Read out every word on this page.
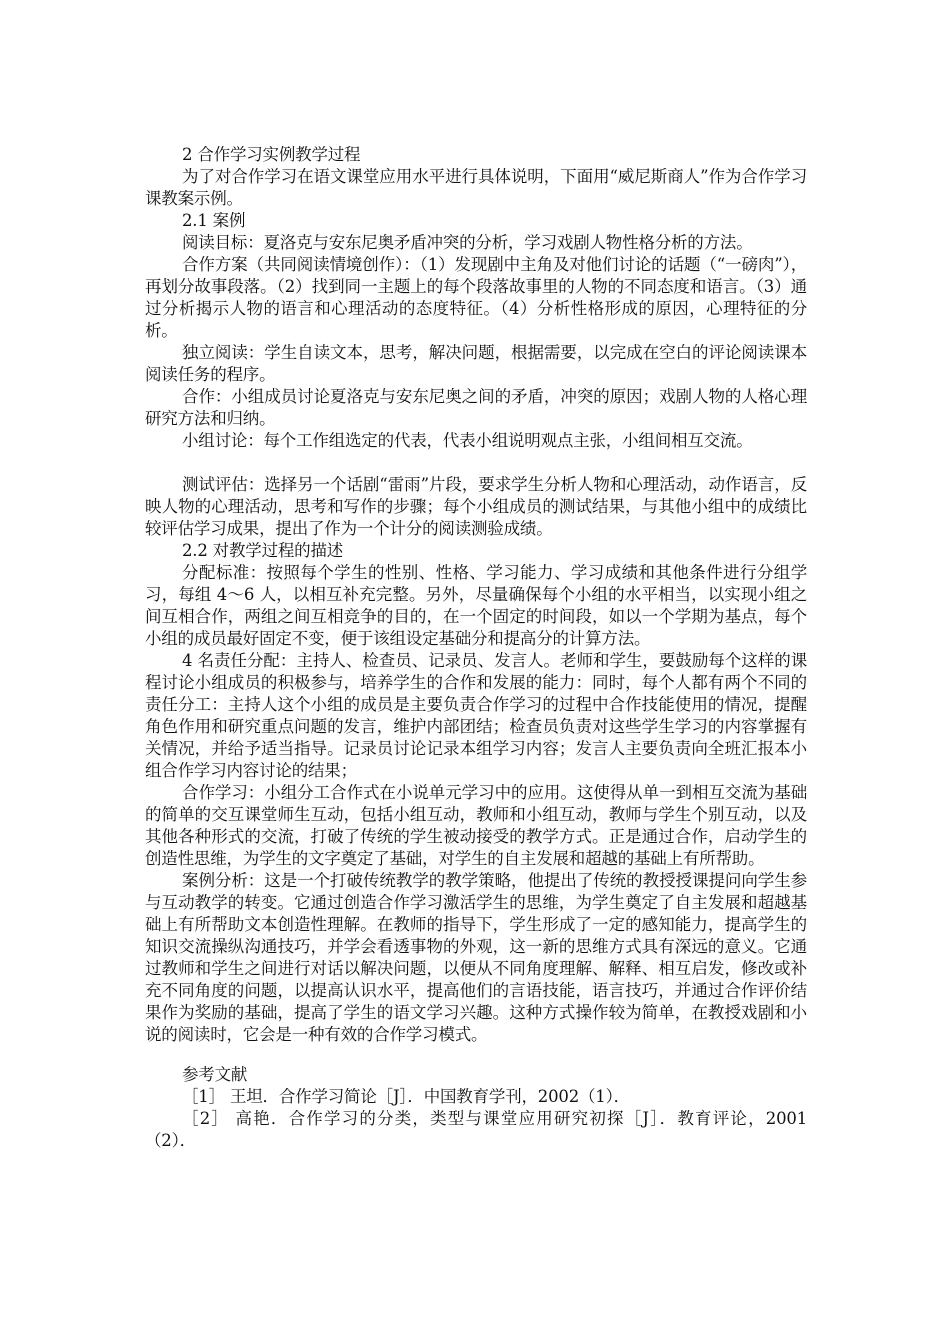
2 合作学习实例教学过程

为了对合作学习在语文课堂应用水平进行具体说明，下面用“威尼斯商人”作为合作学习课教案示例。

2.1 案例

阅读目标：夏洛克与安东尼奥矛盾冲突的分析，学习戏剧人物性格分析的方法。

合作方案（共同阅读情境创作）：（1）发现剧中主角及对他们讨论的话题（“一磅肉”），再划分故事段落。（2）找到同一主题上的每个段落故事里的人物的不同态度和语言。（3）通过分析揭示人物的语言和心理活动的态度特征。（4）分析性格形成的原因，心理特征的分析。

独立阅读：学生自读文本，思考，解决问题，根据需要，以完成在空白的评论阅读课本阅读任务的程序。

合作：小组成员讨论夏洛克与安东尼奥之间的矛盾，冲突的原因；戏剧人物的人格心理研究方法和归纳。

小组讨论：每个工作组选定的代表，代表小组说明观点主张，小组间相互交流。

测试评估：选择另一个话剧“雷雨”片段，要求学生分析人物和心理活动，动作语言，反映人物的心理活动，思考和写作的步骤；每个小组成员的测试结果，与其他小组中的成绩比较评估学习成果，提出了作为一个计分的阅读测验成绩。

2.2 对教学过程的描述

分配标准：按照每个学生的性别、性格、学习能力、学习成绩和其他条件进行分组学习，每组 4～6 人，以相互补充完整。另外，尽量确保每个小组的水平相当，以实现小组之间互相合作，两组之间互相竞争的目的，在一个固定的时间段，如以一个学期为基点，每个小组的成员最好固定不变，便于该组设定基础分和提高分的计算方法。

4 名责任分配：主持人、检查员、记录员、发言人。老师和学生，要鼓励每个这样的课程讨论小组成员的积极参与，培养学生的合作和发展的能力：同时，每个人都有两个不同的责任分工：主持人这个小组的成员是主要负责合作学习的过程中合作技能使用的情况，提醒角色作用和研究重点问题的发言，维护内部团结；检查员负责对这些学生学习的内容掌握有关情况，并给予适当指导。记录员讨论记录本组学习内容；发言人主要负责向全班汇报本小组合作学习内容讨论的结果；

合作学习：小组分工合作式在小说单元学习中的应用。这使得从单一到相互交流为基础的简单的交互课堂师生互动，包括小组互动，教师和小组互动，教师与学生个别互动，以及其他各种形式的交流，打破了传统的学生被动接受的教学方式。正是通过合作，启动学生的创造性思维，为学生的文字奠定了基础，对学生的自主发展和超越的基础上有所帮助。

案例分析：这是一个打破传统教学的教学策略，他提出了传统的教授授课提问向学生参与互动教学的转变。它通过创造合作学习激活学生的思维，为学生奠定了自主发展和超越基础上有所帮助文本创造性理解。在教师的指导下，学生形成了一定的感知能力，提高学生的知识交流操纵沟通技巧，并学会看透事物的外观，这一新的思维方式具有深远的意义。它通过教师和学生之间进行对话以解决问题，以便从不同角度理解、解释、相互启发，修改或补充不同角度的问题，以提高认识水平，提高他们的言语技能，语言技巧，并通过合作评价结果作为奖励的基础，提高了学生的语文学习兴趣。这种方式操作较为简单，在教授戏剧和小说的阅读时，它会是一种有效的合作学习模式。

参考文献

［1］ 王坦．合作学习简论［J］．中国教育学刊，2002（1）．

［2］ 高艳．合作学习的分类，类型与课堂应用研究初探［J］．教育评论，2001（2）．
